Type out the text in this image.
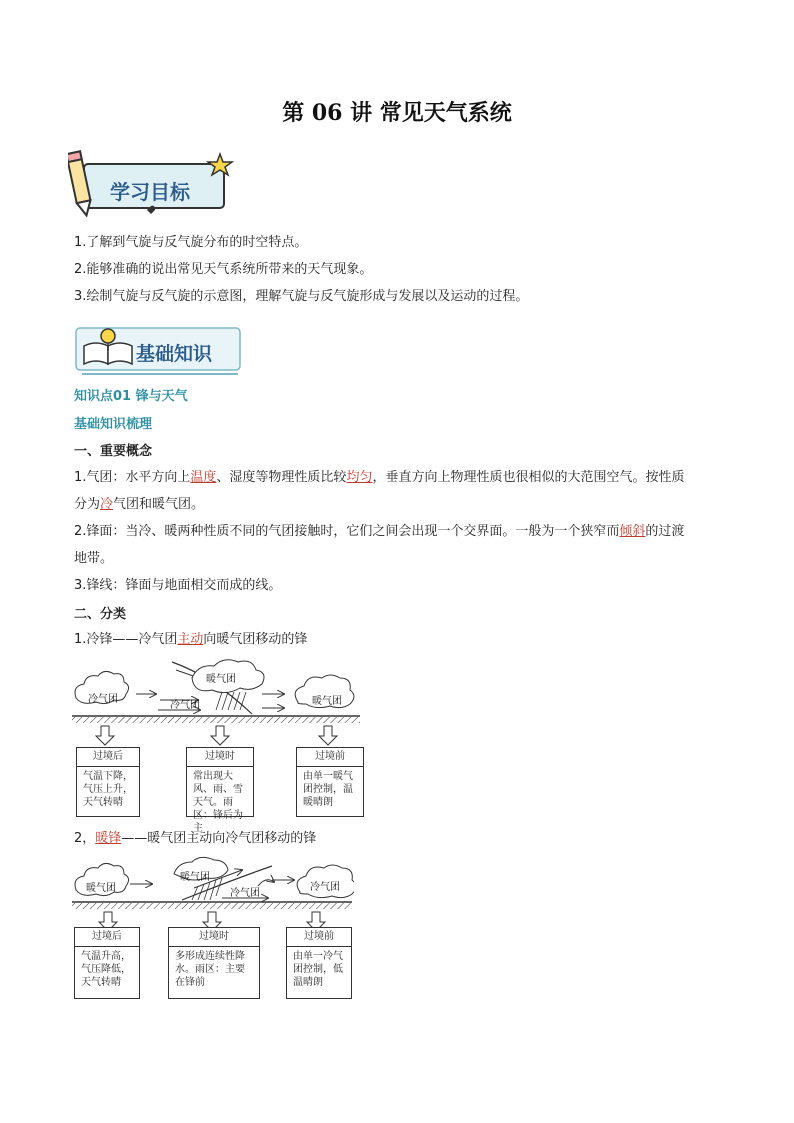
第 06 讲 常见天气系统
学习目标
1.了解到气旋与反气旋分布的时空特点。
2.能够准确的说出常见天气系统所带来的天气现象。
3.绘制气旋与反气旋的示意图，理解气旋与反气旋形成与发展以及运动的过程。
基础知识
知识点01 锋与天气
基础知识梳理
一、重要概念
1.气团：水平方向上温度、湿度等物理性质比较均匀，垂直方向上物理性质也很相似的大范围空气。按性质
分为冷气团和暖气团。
2.锋面：当冷、暖两种性质不同的气团接触时，它们之间会出现一个交界面。一般为一个狭窄而倾斜的过渡
地带。
3.锋线：锋面与地面相交而成的线。
二、分类
1.冷锋——冷气团主动向暖气团移动的锋
冷气团
暖气团
冷气团	暖气团
过境后
气温下降，气压上升，天气转晴
过境时
常出现大风、雨、雪天气。雨区：锋后为主
过境前
由单一暖气团控制，温暖晴朗
2，暖锋——暖气团主动向冷气团移动的锋
暖气团
暖气团
冷气团
冷气团
过境后
气温升高，气压降低，天气转晴
过境时
多形成连续性降水。雨区：主要在锋前
过境前
由单一冷气团控制，低温晴朗
